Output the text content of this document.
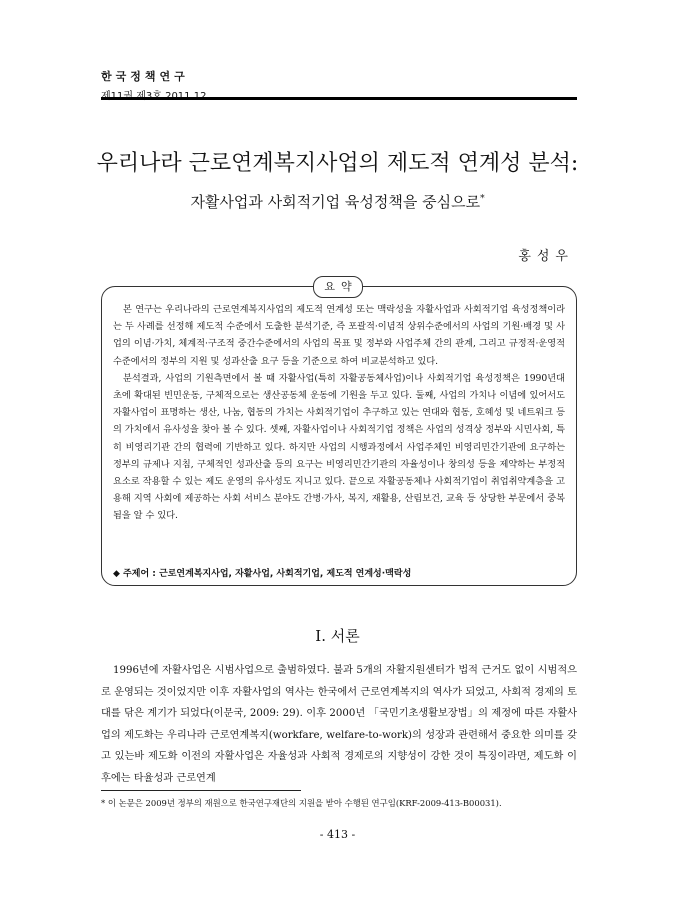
한국정책연구
우리나라 근로연계복지사업의 제도적 연계성 분석:
자활사업과 사회적기업 육성정책을 중심으로*
홍성우
요약

본 연구는 우리나라의 근로연계복지사업의 제도적 연계성 또는 맥락성을 자활사업과 사회적기업 육성정책이라는 두 사례를 선정해 제도적 수준에서 도출한 분석기준, 즉 포괄적·이념적 상위수준에서의 사업의 기원·배경 및 사업의 이념·가치, 체계적·구조적 중간수준에서의 사업의 목표 및 정부와 사업주체 간의 관계, 그리고 규정적·운영적 수준에서의 정부의 지원 및 성과산출 요구 등을 기준으로 하여 비교분석하고 있다.

분석결과, 사업의 기원측면에서 볼 때 자활사업(특히 자활공동체사업)이나 사회적기업 육성정책은 1990년대 초에 확대된 빈민운동, 구체적으로는 생산공동체 운동에 기원을 두고 있다. 둘째, 사업의 가치나 이념에 있어서도 자활사업이 표명하는 생산, 나눔, 협동의 가치는 사회적기업이 추구하고 있는 연대와 협동, 호혜성 및 네트워크 등의 가치에서 유사성을 찾아 볼 수 있다. 셋째, 자활사업이나 사회적기업 정책은 사업의 성격상 정부와 시민사회, 특히 비영리기관 간의 협력에 기반하고 있다. 하지만 사업의 시행과정에서 사업주체인 비영리민간기관에 요구하는 정부의 규제나 지침, 구체적인 성과산출 등의 요구는 비영리민간기관의 자율성이나 창의성 등을 제약하는 부정적 요소로 작용할 수 있는 제도 운영의 유사성도 지니고 있다. 끝으로 자활공동체나 사회적기업이 취업취약계층을 고용해 지역 사회에 제공하는 사회 서비스 분야도 간병·가사, 복지, 재활용, 산림보건, 교육 등 상당한 부문에서 중복됨을 알 수 있다.

◆ 주제어 : 근로연계복지사업, 자활사업, 사회적기업, 제도적 연계성·맥락성
Ⅰ. 서론

1996년에 자활사업은 시범사업으로 출범하였다. 불과 5개의 자활지원센터가 법적 근거도 없이 시범적으로 운영되는 것이었지만 이후 자활사업의 역사는 한국에서 근로연계복지의 역사가 되었고, 사회적 경제의 토대를 닦은 계기가 되었다(이문국, 2009: 29). 이후 2000년 「국민기초생활보장법」의 제정에 따른 자활사업의 제도화는 우리나라 근로연계복지(workfare, welfare-to-work)의 성장과 관련해서 중요한 의미를 갖고 있는바 제도화 이전의 자활사업은 자율성과 사회적 경제로의 지향성이 강한 것이 특징이라면, 제도화 이후에는 타율성과 근로연계

* 이 논문은 2009년 정부의 재원으로 한국연구재단의 지원을 받아 수행된 연구임(KRF-2009-413-B00031).
- 413 -
